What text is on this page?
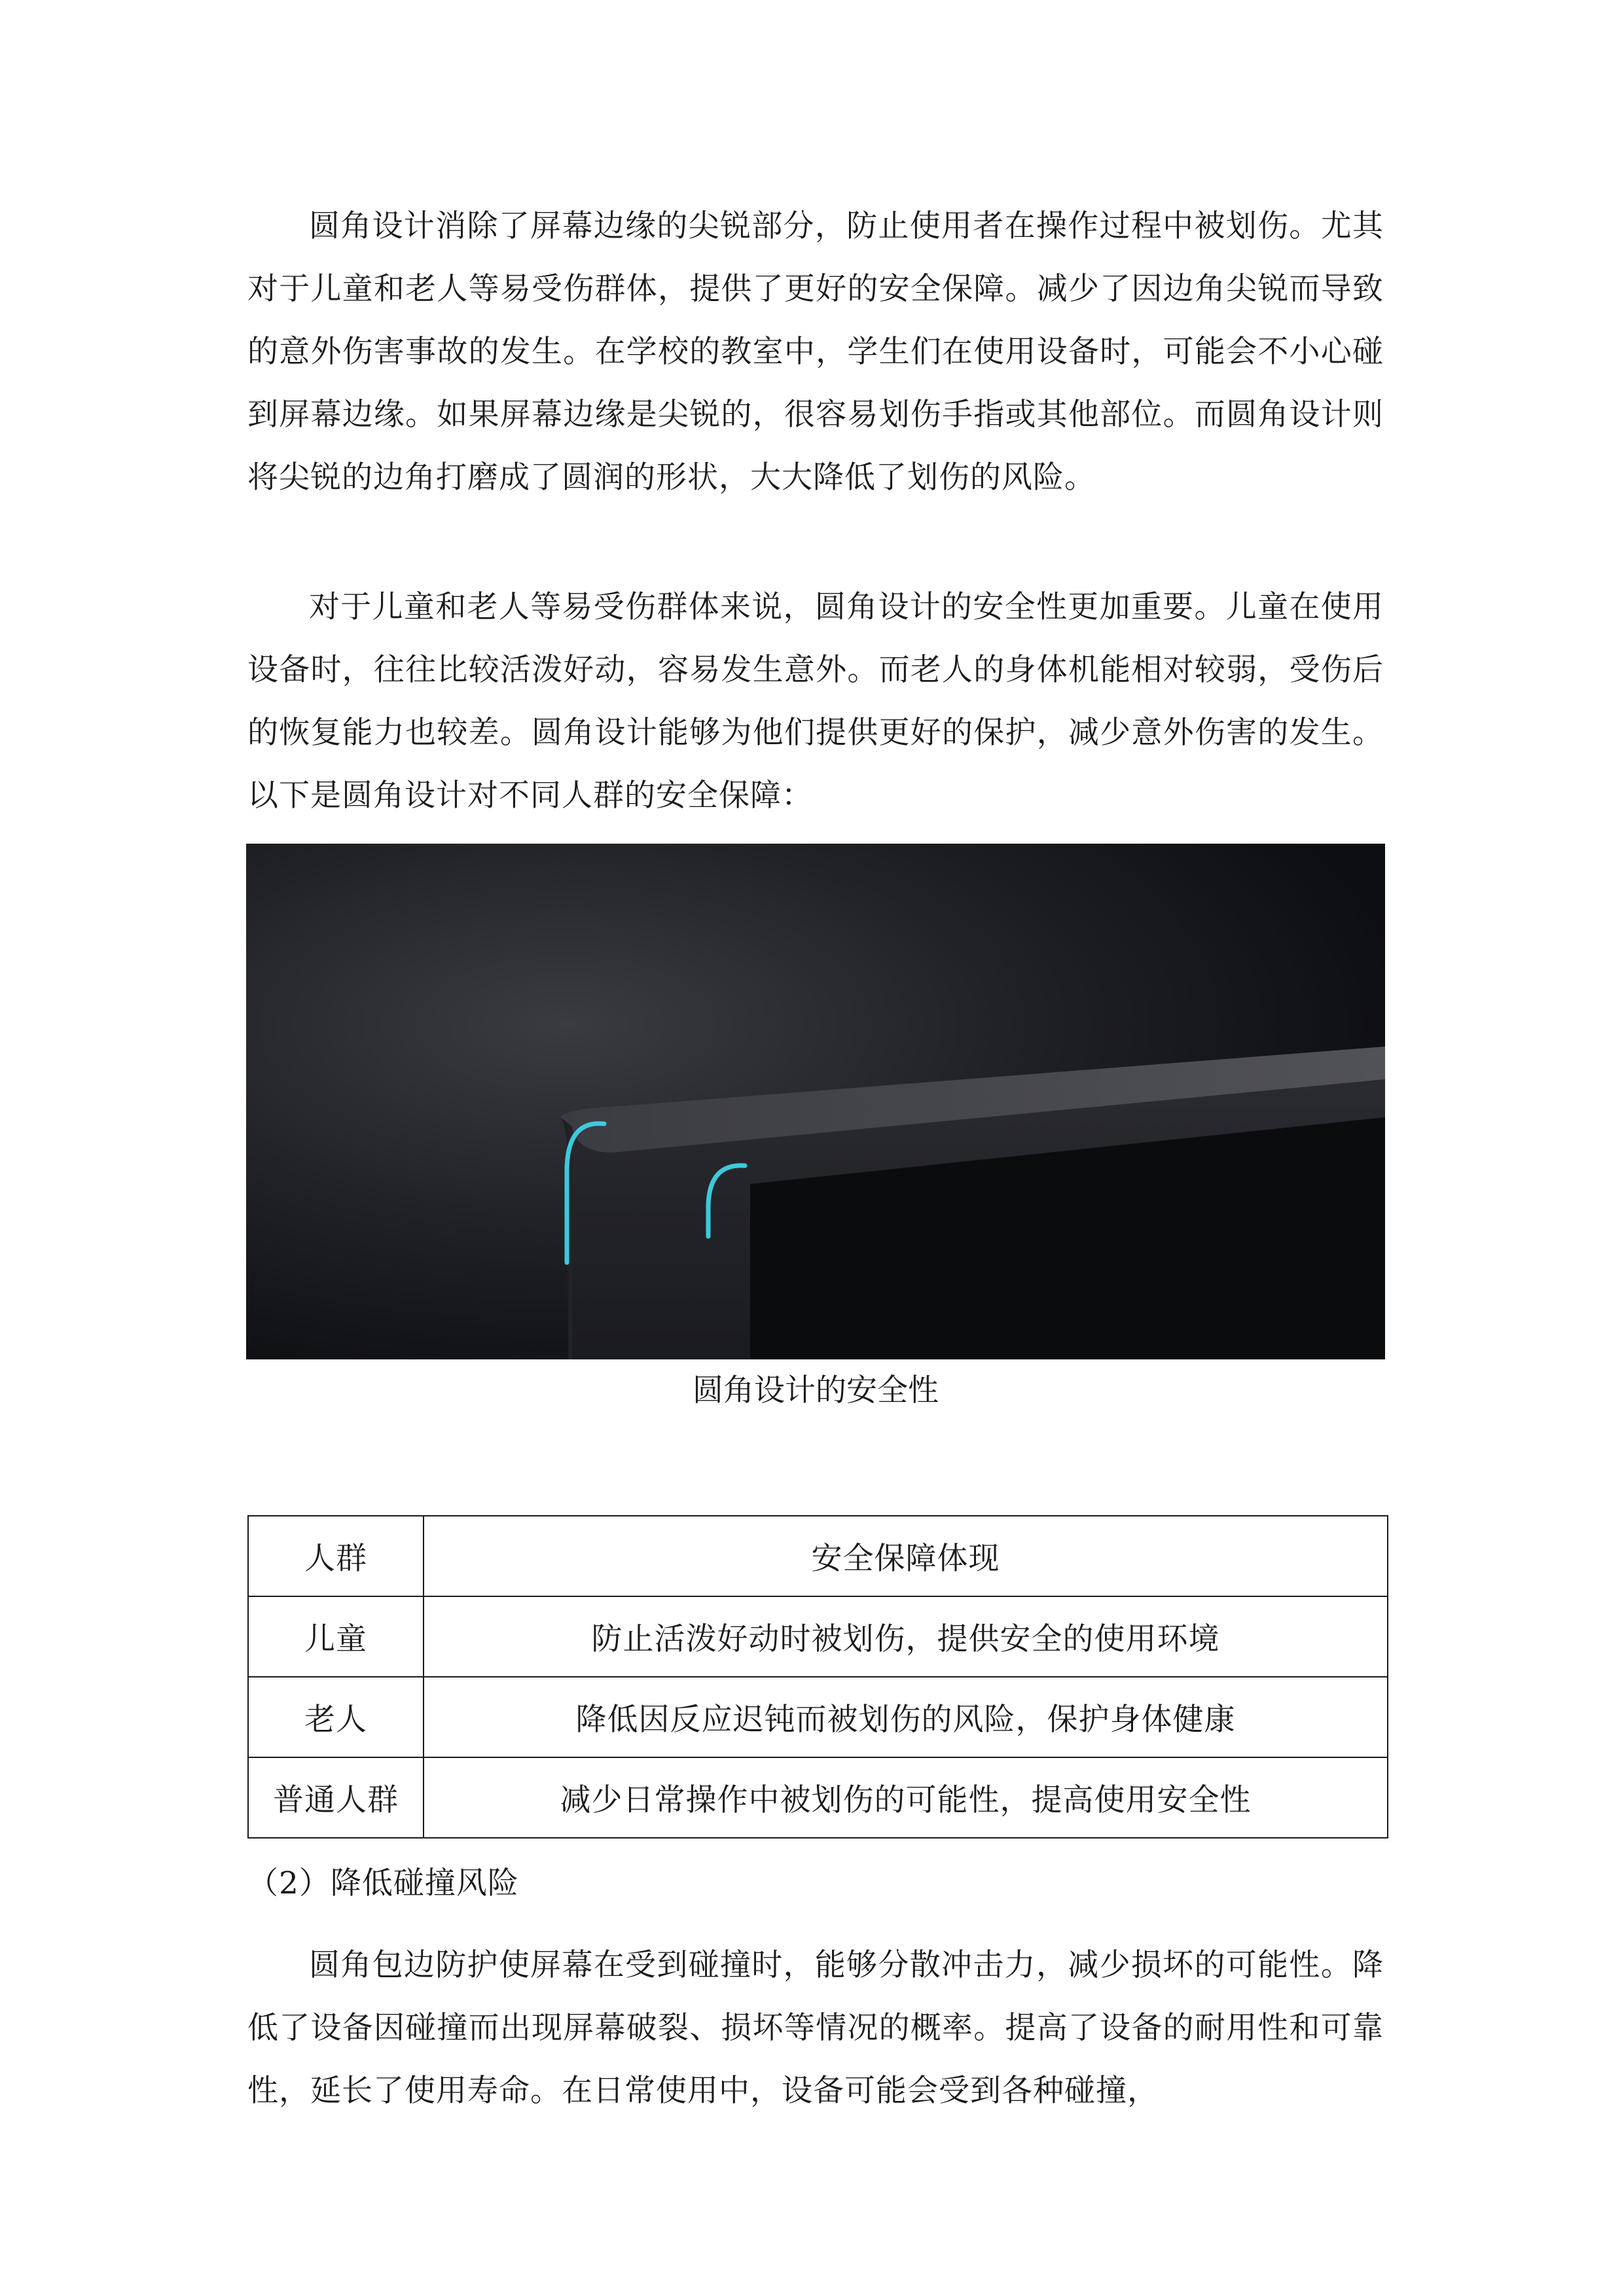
圆角设计消除了屏幕边缘的尖锐部分，防止使用者在操作过程中被划伤。尤其对于儿童和老人等易受伤群体，提供了更好的安全保障。减少了因边角尖锐而导致的意外伤害事故的发生。在学校的教室中，学生们在使用设备时，可能会不小心碰到屏幕边缘。如果屏幕边缘是尖锐的，很容易划伤手指或其他部位。而圆角设计则将尖锐的边角打磨成了圆润的形状，大大降低了划伤的风险。

对于儿童和老人等易受伤群体来说，圆角设计的安全性更加重要。儿童在使用设备时，往往比较活泼好动，容易发生意外。而老人的身体机能相对较弱，受伤后的恢复能力也较差。圆角设计能够为他们提供更好的保护，减少意外伤害的发生。以下是圆角设计对不同人群的安全保障：

圆角设计的安全性

人群	安全保障体现
儿童	防止活泼好动时被划伤，提供安全的使用环境
老人	降低因反应迟钝而被划伤的风险，保护身体健康
普通人群	减少日常操作中被划伤的可能性，提高使用安全性

（2）降低碰撞风险

圆角包边防护使屏幕在受到碰撞时，能够分散冲击力，减少损坏的可能性。降低了设备因碰撞而出现屏幕破裂、损坏等情况的概率。提高了设备的耐用性和可靠性，延长了使用寿命。在日常使用中，设备可能会受到各种碰撞，
